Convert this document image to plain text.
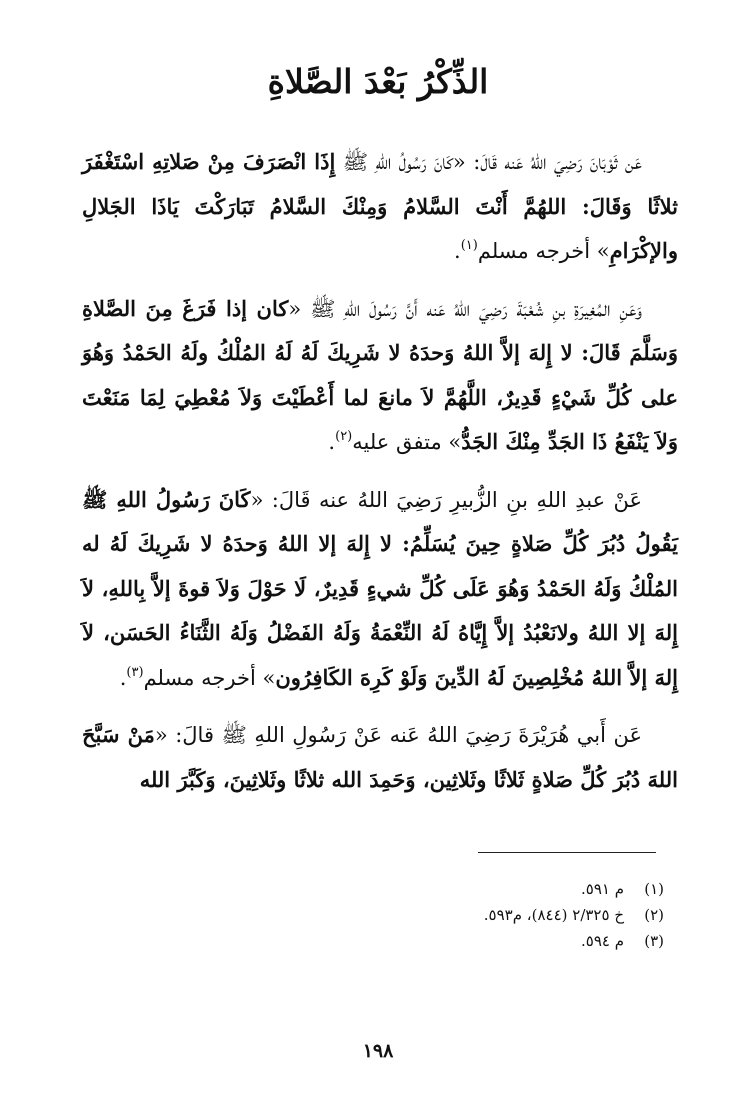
الذِّكْرُ بَعْدَ الصَّلاةِ

عَن ثَوْبَانَ رَضِيَ اللهُ عَنه قَالَ: «كَانَ رَسُولُ اللهِ ﷺ إِذَا انْصَرَفَ مِنْ صَلاتِهِ اسْتَغْفَرَ ثلاثًا وَقَالَ: اللهُمَّ أَنْتَ السَّلامُ وَمِنْكَ السَّلامُ تَبَارَكْتَ يَاذَا الجَلالِ والإكْرَامِ» أخرجه مسلم$^{(١)}$.

وَعَنِ المُغِيرَةِ بنِ شُعْبَةَ رَضِيَ اللهُ عَنه أَنَّ رَسُولَ اللهِ ﷺ «كان إذا فَرَغَ مِنَ الصَّلاةِ وَسَلَّمَ قَالَ: لا إِلهَ إلاَّ اللهُ وَحدَهُ لا شَرِيكَ لَهُ لَهُ المُلْكُ ولَهُ الحَمْدُ وَهُوَ على كُلِّ شَيْءٍ قَدِيرٌ، اللَّهُمَّ لاَ مانعَ لما أَعْطَيْتَ وَلاَ مُعْطِيَ لِمَا مَنَعْتَ وَلاَ يَنْفَعُ ذَا الجَدِّ مِنْكَ الجَدُّ» متفق عليه$^{(٢)}$.

عَنْ عبدِ اللهِ بنِ الزُّبيرِ رَضِيَ اللهُ عنه قَالَ: «كَانَ رَسُولُ اللهِ ﷺ يَقُولُ دُبُرَ كُلِّ صَلاةٍ حِينَ يُسَلِّمُ: لا إِلهَ إلا اللهُ وَحدَهُ لا شَرِيكَ لَهُ له المُلْكُ وَلَهُ الحَمْدُ وَهُوَ عَلَى كُلِّ شيءٍ قَدِيرٌ، لَا حَوْلَ وَلاَ قوةَ إلاَّ بِاللهِ، لاَ إِلهَ إلا اللهُ ولانَعْبُدُ إلاَّ إِيَّاهُ لَهُ النِّعْمَةُ وَلَهُ الفَضْلُ وَلَهُ الثَّنَاءُ الحَسَن، لاَ إِلهَ إلاَّ اللهُ مُخْلِصِينَ لَهُ الدِّينَ وَلَوْ كَرِهَ الكَافِرُون» أخرجه مسلم$^{(٣)}$.

عَن أَبي هُرَيْرَةَ رَضِيَ اللهُ عَنه عَنْ رَسُولِ اللهِ ﷺ قالَ: «مَنْ سَبَّحَ اللهَ دُبُرَ كُلِّ صَلاةٍ ثَلاثًا وثَلاثِين، وَحَمِدَ الله ثلاثًا وثَلاثِينَ، وَكَبَّرَ الله

(١)
م ٥٩١.
(٢)
خ ٢/٣٢٥ (٨٤٤)، م٥٩٣.
(٣)
م ٥٩٤.
١٩٨
